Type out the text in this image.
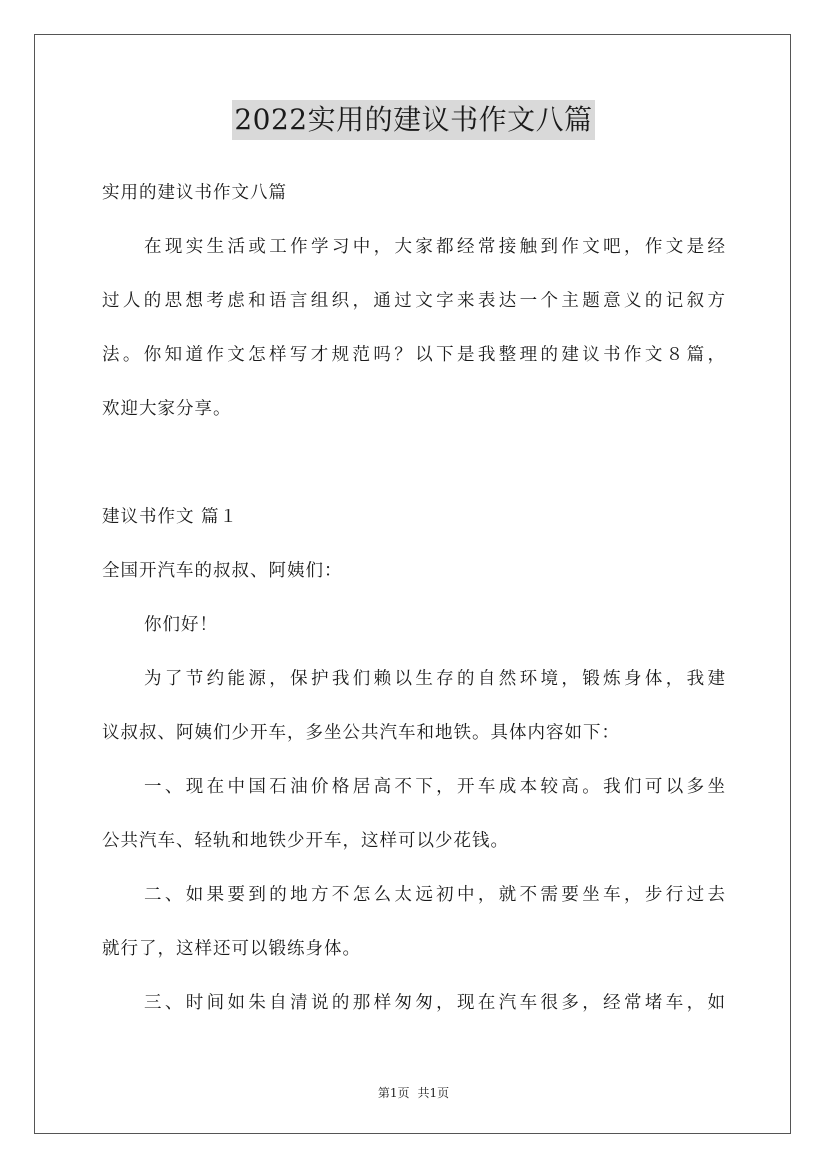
2022实用的建议书作文八篇

实用的建议书作文八篇

在现实生活或工作学习中，大家都经常接触到作文吧，作文是经

过人的思想考虑和语言组织，通过文字来表达一个主题意义的记叙方

法。你知道作文怎样写才规范吗？以下是我整理的建议书作文８篇，

欢迎大家分享。

建议书作文 篇１

全国开汽车的叔叔、阿姨们：

你们好！

为了节约能源，保护我们赖以生存的自然环境，锻炼身体，我建

议叔叔、阿姨们少开车，多坐公共汽车和地铁。具体内容如下：

一、现在中国石油价格居高不下，开车成本较高。我们可以多坐

公共汽车、轻轨和地铁少开车，这样可以少花钱。

二、如果要到的地方不怎么太远初中，就不需要坐车，步行过去

就行了，这样还可以锻练身体。

三、时间如朱自清说的那样匆匆，现在汽车很多，经常堵车，如

第1页 共1页
